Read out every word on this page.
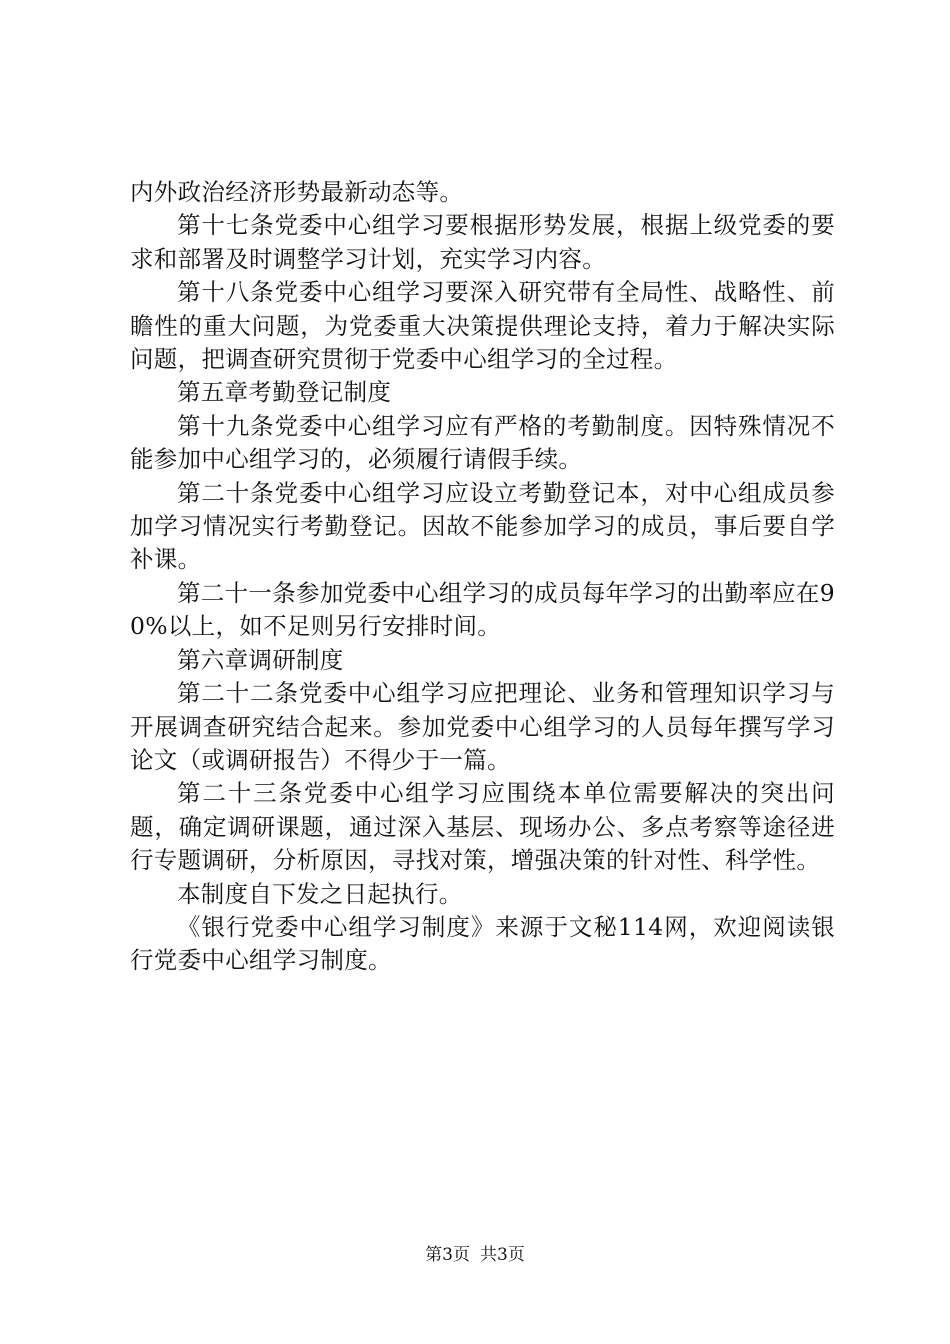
内外政治经济形势最新动态等。

第十七条党委中心组学习要根据形势发展，根据上级党委的要求和部署及时调整学习计划，充实学习内容。

第十八条党委中心组学习要深入研究带有全局性、战略性、前瞻性的重大问题，为党委重大决策提供理论支持，着力于解决实际问题，把调查研究贯彻于党委中心组学习的全过程。

第五章考勤登记制度

第十九条党委中心组学习应有严格的考勤制度。因特殊情况不能参加中心组学习的，必须履行请假手续。

第二十条党委中心组学习应设立考勤登记本，对中心组成员参加学习情况实行考勤登记。因故不能参加学习的成员，事后要自学补课。

第二十一条参加党委中心组学习的成员每年学习的出勤率应在90%以上，如不足则另行安排时间。

第六章调研制度

第二十二条党委中心组学习应把理论、业务和管理知识学习与开展调查研究结合起来。参加党委中心组学习的人员每年撰写学习论文（或调研报告）不得少于一篇。

第二十三条党委中心组学习应围绕本单位需要解决的突出问题，确定调研课题，通过深入基层、现场办公、多点考察等途径进行专题调研，分析原因，寻找对策，增强决策的针对性、科学性。

本制度自下发之日起执行。

《银行党委中心组学习制度》来源于文秘114网，欢迎阅读银行党委中心组学习制度。

第3页 共3页
